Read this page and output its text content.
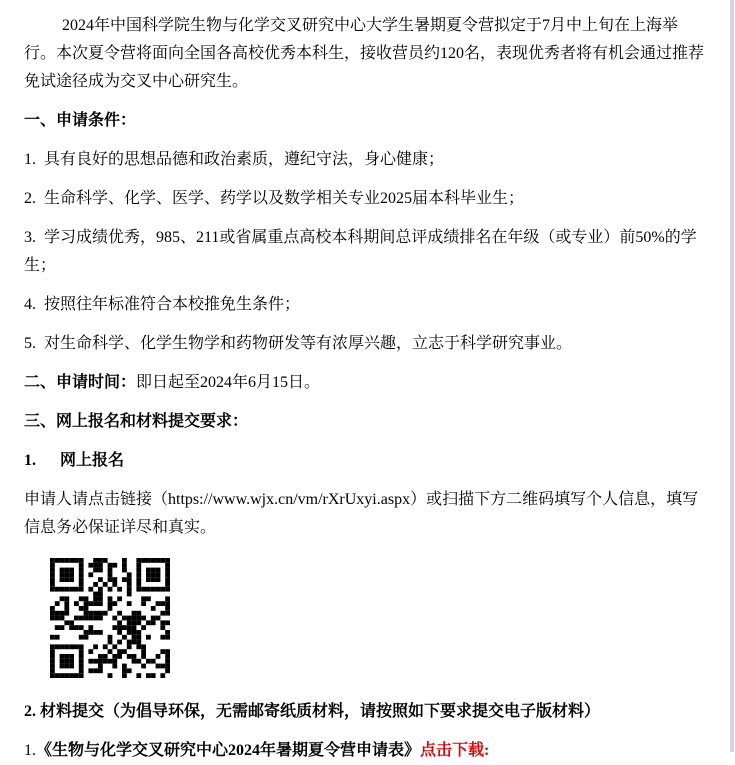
2024年中国科学院生物与化学交叉研究中心大学生暑期夏令营拟定于7月中上旬在上海举行。本次夏令营将面向全国各高校优秀本科生，接收营员约120名，表现优秀者将有机会通过推荐免试途径成为交叉中心研究生。

一、申请条件：

1.  具有良好的思想品德和政治素质，遵纪守法，身心健康；

2.  生命科学、化学、医学、药学以及数学相关专业2025届本科毕业生；

3.  学习成绩优秀，985、211或省属重点高校本科期间总评成绩排名在年级（或专业）前50%的学生；

4.  按照往年标准符合本校推免生条件；

5.  对生命科学、化学生物学和药物研发等有浓厚兴趣，立志于科学研究事业。

二、申请时间：即日起至2024年6月15日。

三、网上报名和材料提交要求：

1.      网上报名

申请人请点击链接（https://www.wjx.cn/vm/rXrUxyi.aspx）或扫描下方二维码填写个人信息，填写信息务必保证详尽和真实。

2. 材料提交（为倡导环保，无需邮寄纸质材料，请按照如下要求提交电子版材料）

1.《生物与化学交叉研究中心2024年暑期夏令营申请表》点击下载:
